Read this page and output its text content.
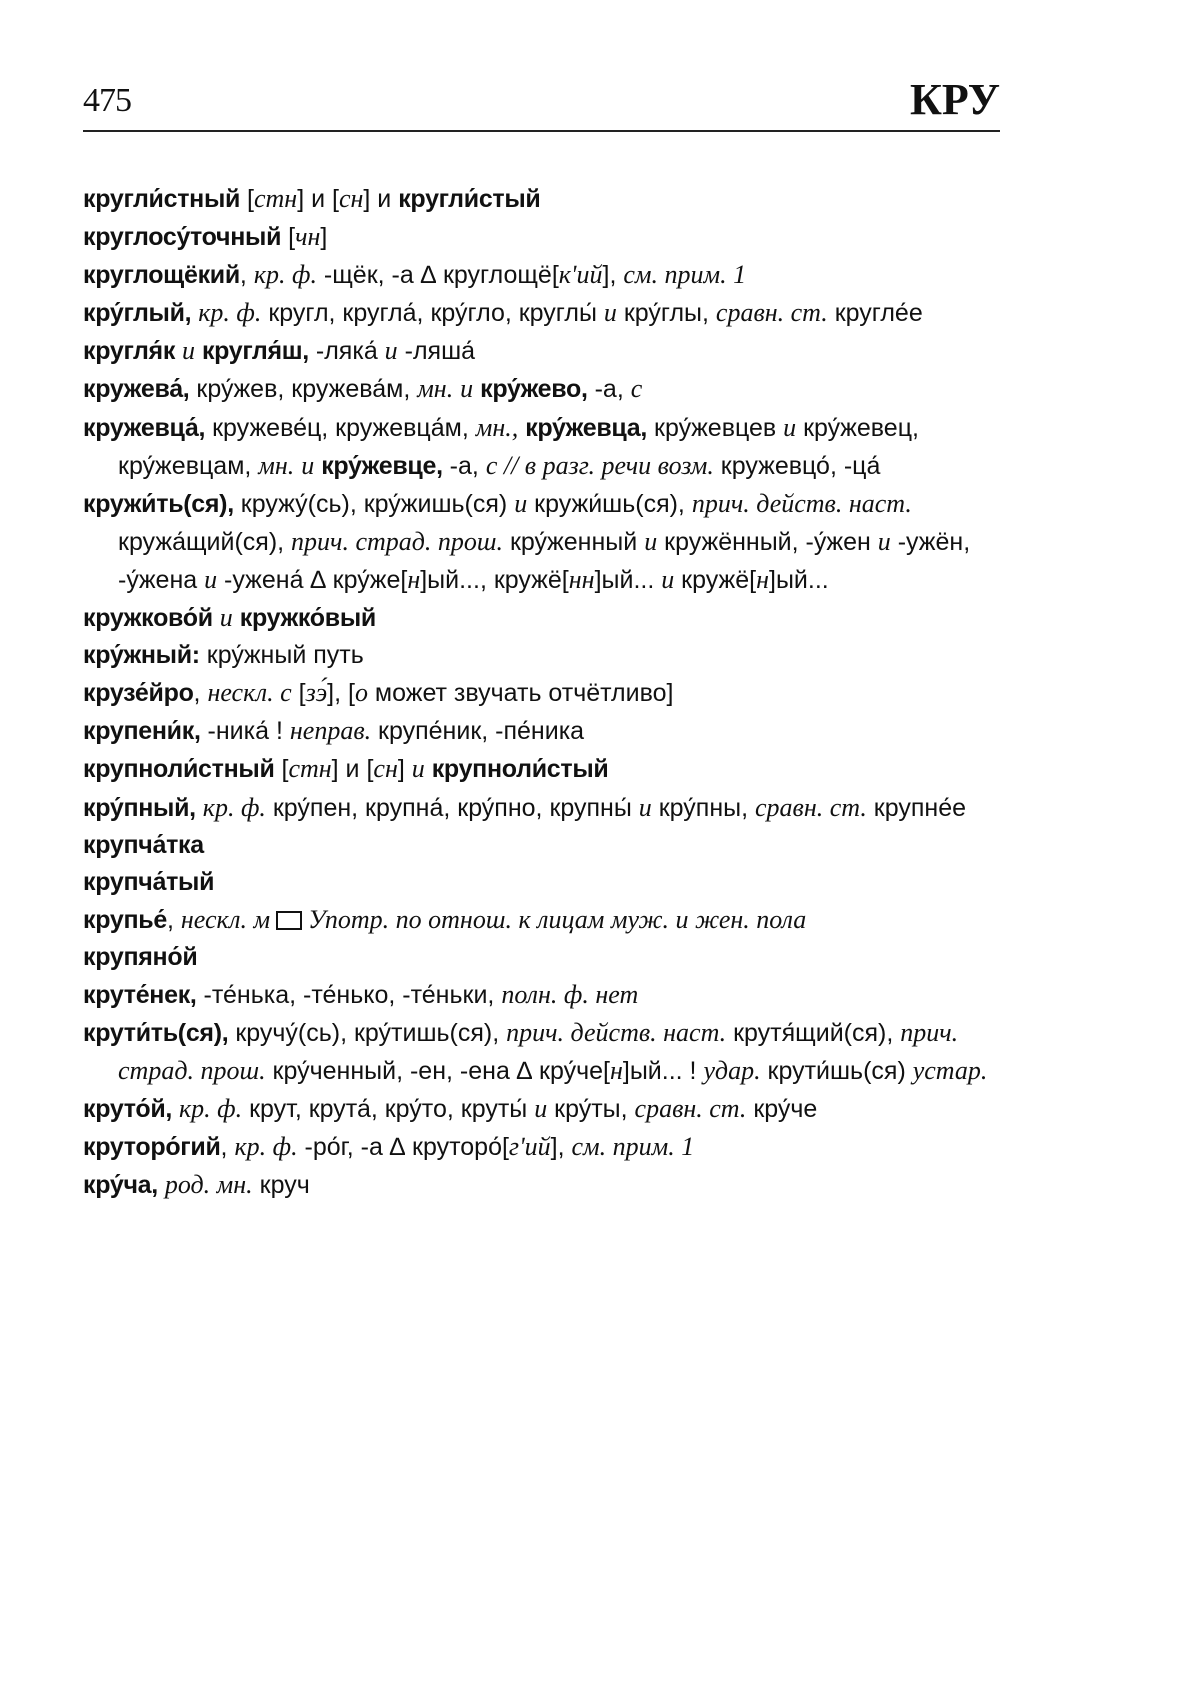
475	КРУ

кругли́стный [стн] и [сн] и кругли́стый

круглосу́точный [чн]

круглощёкий, кр. ф. -щёк, -а ∆ круглощё[кʹий], см. прим. 1

кру́глый, кр. ф. кругл, кругла́, кру́гло, круглы́ и кру́глы, сравн. ст. кругле́е

кругля́к и кругля́ш, -ляка́ и -ляша́

кружева́, кру́жев, кружева́м, мн. и кру́жево, -а, с

кружевца́, кружеве́ц, кружевца́м, мн., кру́жевца, кру́жевцев и кру́жевец, кру́жевцам, мн. и кру́жевце, -а, с // в разг. речи возм. кружевцо́, -ца́

кружи́ть(ся), кружу́(сь), кру́жишь(ся) и кружи́шь(ся), прич. действ. наст. кружа́щий(ся), прич. страд. прош. кру́женный и кружённый, -у́жен и -ужён, -у́жена и -ужена́ ∆ кру́же[н]ый..., кружё[нн]ый... и кружё[н]ый...

кружково́й и кружко́вый

кру́жный: кру́жный путь

крузе́йро, нескл. с [зэ́], [о может звучать отчётливо]

крупени́к, -ника́ ! неправ. крупе́ник, -пе́ника

крупноли́стный [стн] и [сн] и крупноли́стый

кру́пный, кр. ф. кру́пен, крупна́, кру́пно, крупны́ и кру́пны, сравн. ст. крупне́е

крупча́тка

крупча́тый

крупье́, нескл. м Употр. по отнош. к лицам муж. и жен. пола

крупяно́й

круте́нек, -те́нька, -те́нько, -те́ньки, полн. ф. нет

крути́ть(ся), кручу́(сь), кру́тишь(ся), прич. действ. наст. крутя́щий(ся), прич. страд. прош. кру́ченный, -ен, -ена ∆ кру́че[н]ый... ! удар. крути́шь(ся) устар.

круто́й, кр. ф. крут, крута́, кру́то, круты́ и кру́ты, сравн. ст. кру́че

круторо́гий, кр. ф. -ро́г, -а ∆ круторо́[гʹий], см. прим. 1

кру́ча, род. мн. круч
